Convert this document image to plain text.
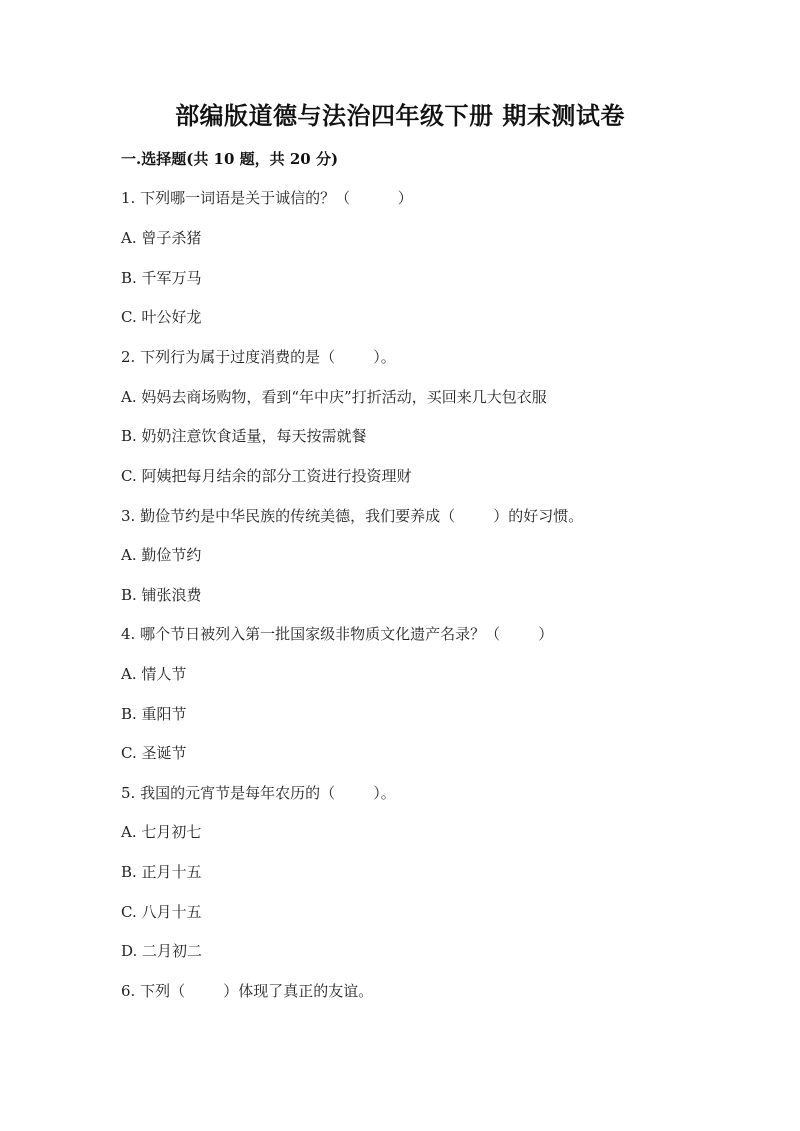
部编版道德与法治四年级下册 期末测试卷
一.选择题(共 10 题，共 20 分)
1. 下列哪一词语是关于诚信的？（          ）
A. 曾子杀猪
B. 千军万马
C. 叶公好龙
2. 下列行为属于过度消费的是（        ）。
A. 妈妈去商场购物，看到“年中庆”打折活动，买回来几大包衣服
B. 奶奶注意饮食适量，每天按需就餐
C. 阿姨把每月结余的部分工资进行投资理财
3. 勤俭节约是中华民族的传统美德，我们要养成（        ）的好习惯。
A. 勤俭节约
B. 铺张浪费
4. 哪个节日被列入第一批国家级非物质文化遗产名录？（        ）
A. 情人节
B. 重阳节
C. 圣诞节
5. 我国的元宵节是每年农历的（        ）。
A. 七月初七
B. 正月十五
C. 八月十五
D. 二月初二
6. 下列（        ）体现了真正的友谊。
